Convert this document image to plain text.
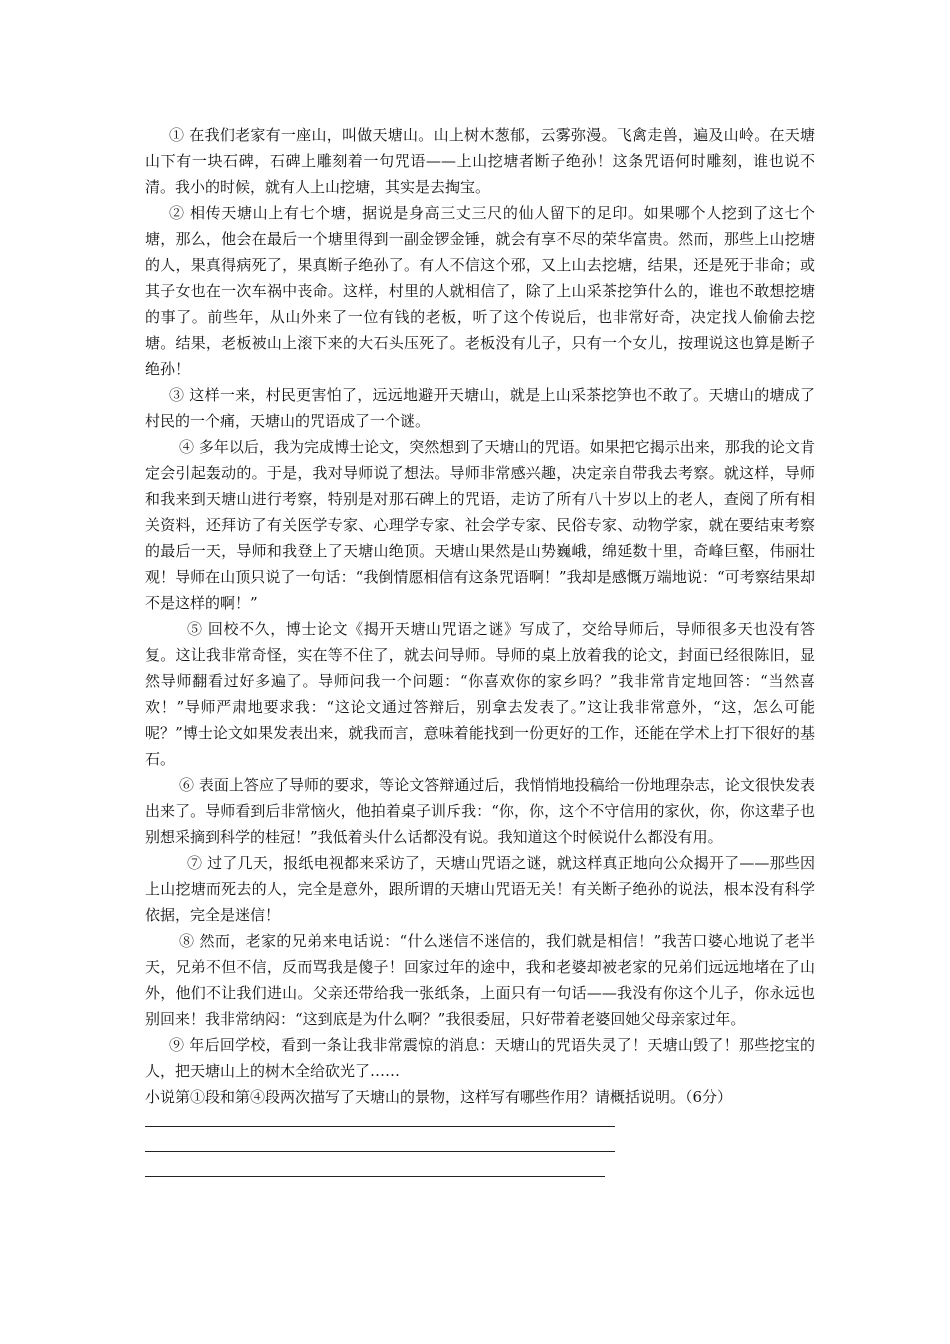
① 在我们老家有一座山，叫做天塘山。山上树木葱郁，云雾弥漫。飞禽走兽，遍及山岭。在天塘山下有一块石碑，石碑上雕刻着一句咒语——上山挖塘者断子绝孙！这条咒语何时雕刻，谁也说不清。我小的时候，就有人上山挖塘，其实是去掏宝。

② 相传天塘山上有七个塘，据说是身高三丈三尺的仙人留下的足印。如果哪个人挖到了这七个塘，那么，他会在最后一个塘里得到一副金锣金锤，就会有享不尽的荣华富贵。然而，那些上山挖塘的人，果真得病死了，果真断子绝孙了。有人不信这个邪，又上山去挖塘，结果，还是死于非命；或其子女也在一次车祸中丧命。这样，村里的人就相信了，除了上山采茶挖笋什么的，谁也不敢想挖塘的事了。前些年，从山外来了一位有钱的老板，听了这个传说后，也非常好奇，决定找人偷偷去挖塘。结果，老板被山上滚下来的大石头压死了。老板没有儿子，只有一个女儿，按理说这也算是断子绝孙！

③ 这样一来，村民更害怕了，远远地避开天塘山，就是上山采茶挖笋也不敢了。天塘山的塘成了村民的一个痛，天塘山的咒语成了一个谜。

④ 多年以后，我为完成博士论文，突然想到了天塘山的咒语。如果把它揭示出来，那我的论文肯定会引起轰动的。于是，我对导师说了想法。导师非常感兴趣，决定亲自带我去考察。就这样，导师和我来到天塘山进行考察，特别是对那石碑上的咒语，走访了所有八十岁以上的老人，查阅了所有相关资料，还拜访了有关医学专家、心理学专家、社会学专家、民俗专家、动物学家，就在要结束考察的最后一天，导师和我登上了天塘山绝顶。天塘山果然是山势巍峨，绵延数十里，奇峰巨壑，伟丽壮观！导师在山顶只说了一句话：“我倒情愿相信有这条咒语啊！”我却是感慨万端地说：“可考察结果却不是这样的啊！”

⑤ 回校不久，博士论文《揭开天塘山咒语之谜》写成了，交给导师后，导师很多天也没有答复。这让我非常奇怪，实在等不住了，就去问导师。导师的桌上放着我的论文，封面已经很陈旧，显然导师翻看过好多遍了。导师问我一个问题：“你喜欢你的家乡吗？”我非常肯定地回答：“当然喜欢！”导师严肃地要求我：“这论文通过答辩后，别拿去发表了。”这让我非常意外，“这，怎么可能呢？”博士论文如果发表出来，就我而言，意味着能找到一份更好的工作，还能在学术上打下很好的基石。

⑥ 表面上答应了导师的要求，等论文答辩通过后，我悄悄地投稿给一份地理杂志，论文很快发表出来了。导师看到后非常恼火，他拍着桌子训斥我：“你，你，这个不守信用的家伙，你，你这辈子也别想采摘到科学的桂冠！”我低着头什么话都没有说。我知道这个时候说什么都没有用。

⑦ 过了几天，报纸电视都来采访了，天塘山咒语之谜，就这样真正地向公众揭开了——那些因上山挖塘而死去的人，完全是意外，跟所谓的天塘山咒语无关！有关断子绝孙的说法，根本没有科学依据，完全是迷信！

⑧ 然而，老家的兄弟来电话说：“什么迷信不迷信的，我们就是相信！”我苦口婆心地说了老半天，兄弟不但不信，反而骂我是傻子！回家过年的途中，我和老婆却被老家的兄弟们远远地堵在了山外，他们不让我们进山。父亲还带给我一张纸条，上面只有一句话——我没有你这个儿子，你永远也别回来！我非常纳闷：“这到底是为什么啊？”我很委屈，只好带着老婆回她父母亲家过年。

⑨ 年后回学校，看到一条让我非常震惊的消息：天塘山的咒语失灵了！天塘山毁了！那些挖宝的人，把天塘山上的树木全给砍光了……

小说第①段和第④段两次描写了天塘山的景物，这样写有哪些作用？请概括说明。（6分）
